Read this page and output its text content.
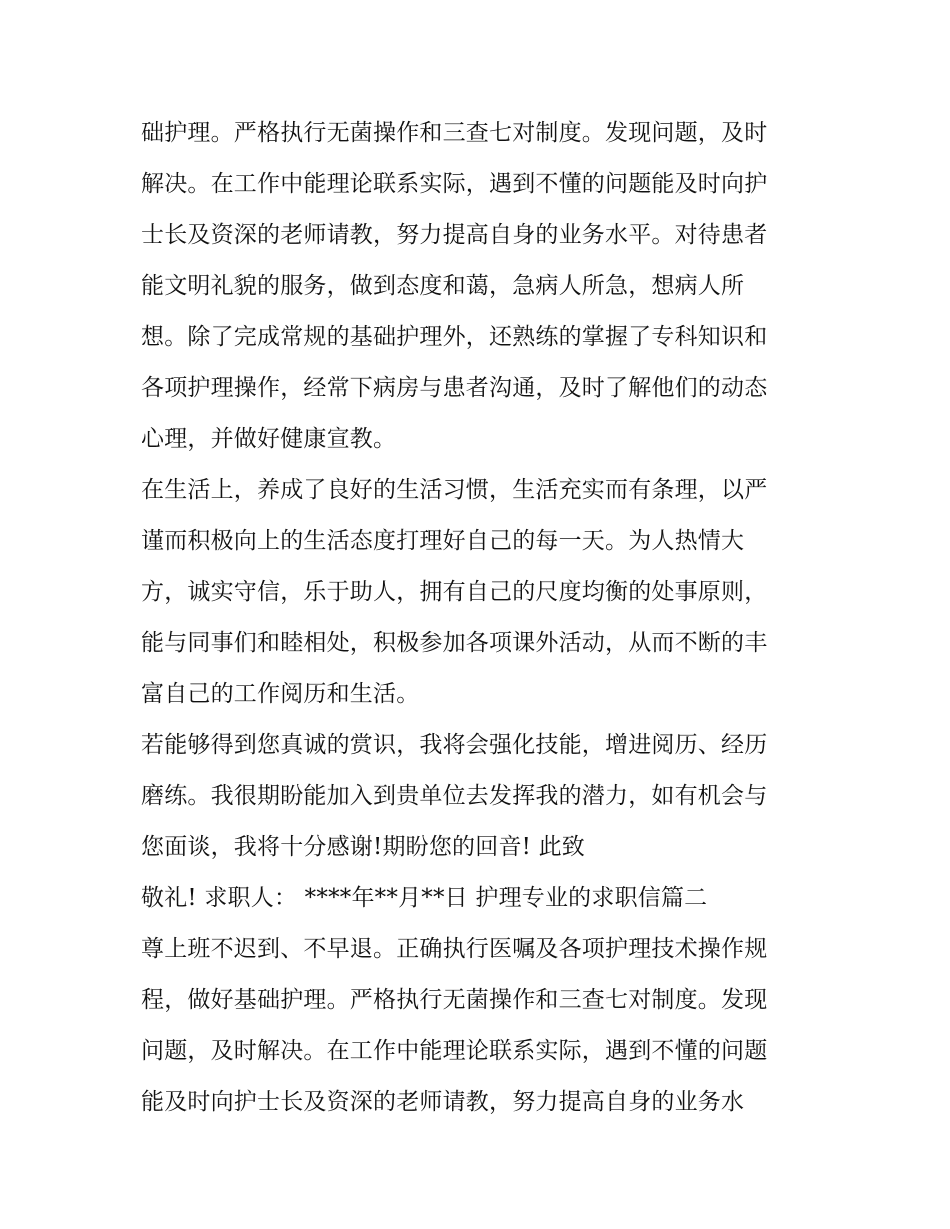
础护理。严格执行无菌操作和三查七对制度。发现问题，及时
解决。在工作中能理论联系实际，遇到不懂的问题能及时向护
士长及资深的老师请教，努力提高自身的业务水平。对待患者
能文明礼貌的服务，做到态度和蔼，急病人所急，想病人所
想。除了完成常规的基础护理外，还熟练的掌握了专科知识和
各项护理操作，经常下病房与患者沟通，及时了解他们的动态
心理，并做好健康宣教。
在生活上，养成了良好的生活习惯，生活充实而有条理，以严
谨而积极向上的生活态度打理好自己的每一天。为人热情大
方，诚实守信，乐于助人，拥有自己的尺度均衡的处事原则，
能与同事们和睦相处，积极参加各项课外活动，从而不断的丰
富自己的工作阅历和生活。
若能够得到您真诚的赏识，我将会强化技能，增进阅历、经历
磨练。我很期盼能加入到贵单位去发挥我的潜力，如有机会与
您面谈，我将十分感谢!期盼您的回音! 此致
敬礼! 求职人： ****年**月**日 护理专业的求职信篇二
尊上班不迟到、不早退。正确执行医嘱及各项护理技术操作规
程，做好基础护理。严格执行无菌操作和三查七对制度。发现
问题，及时解决。在工作中能理论联系实际，遇到不懂的问题
能及时向护士长及资深的老师请教，努力提高自身的业务水
